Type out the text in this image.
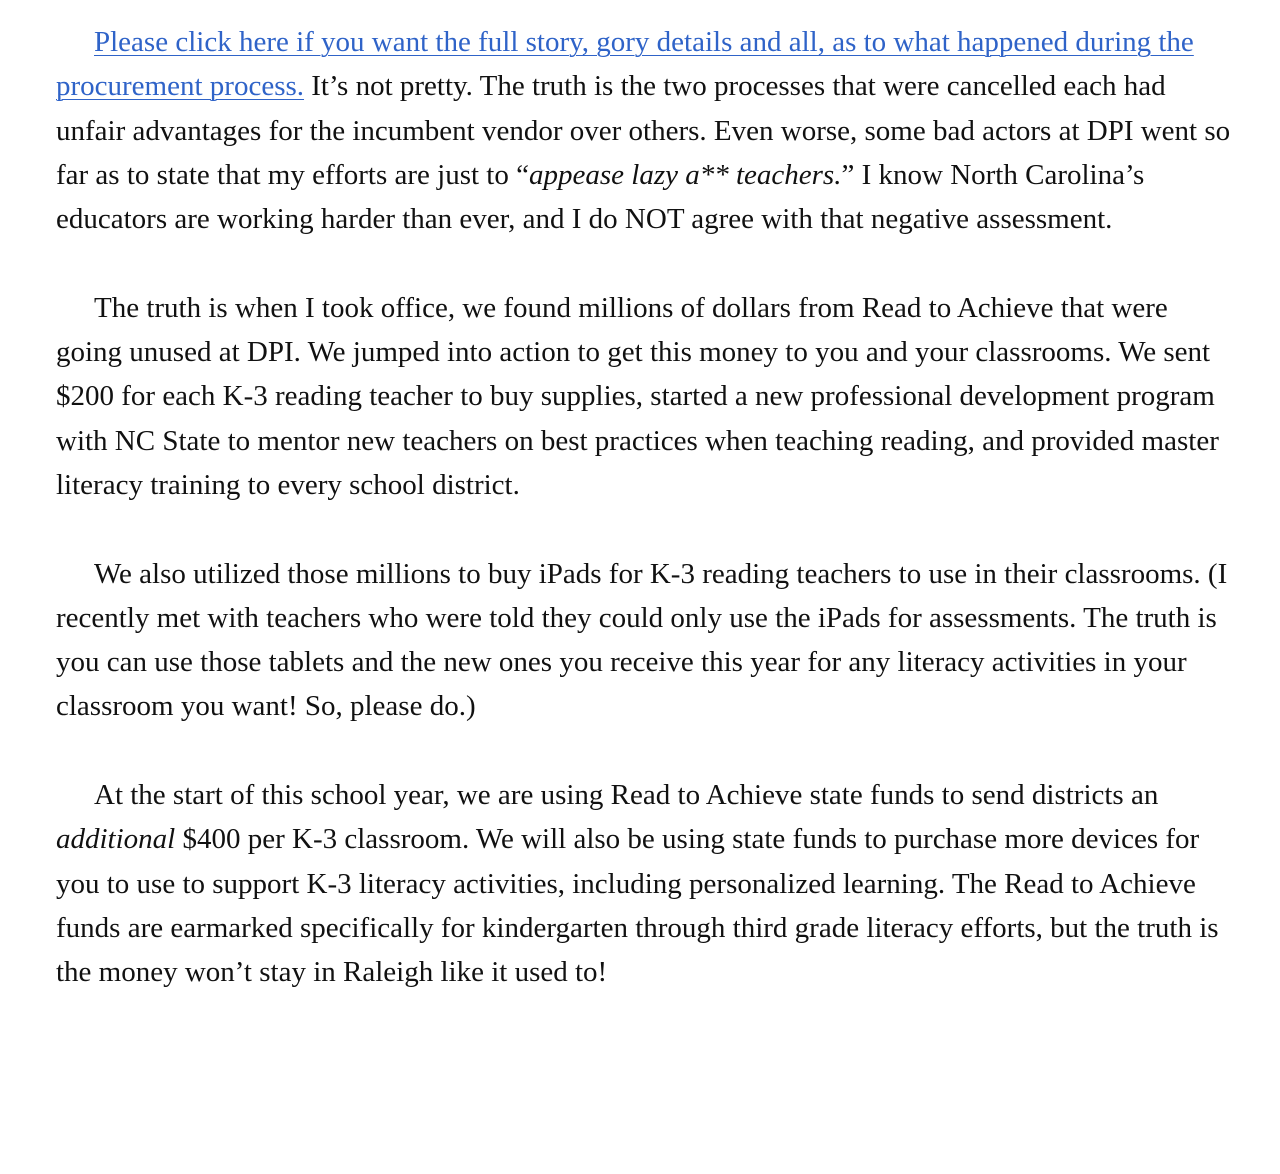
Please click here if you want the full story, gory details and all, as to what happened during the procurement process. It’s not pretty. The truth is the two processes that were cancelled each had unfair advantages for the incumbent vendor over others. Even worse, some bad actors at DPI went so far as to state that my efforts are just to “appease lazy a** teachers.” I know North Carolina’s educators are working harder than ever, and I do NOT agree with that negative assessment.

The truth is when I took office, we found millions of dollars from Read to Achieve that were going unused at DPI. We jumped into action to get this money to you and your classrooms. We sent $200 for each K-3 reading teacher to buy supplies, started a new professional development program with NC State to mentor new teachers on best practices when teaching reading, and provided master literacy training to every school district.

We also utilized those millions to buy iPads for K-3 reading teachers to use in their classrooms. (I recently met with teachers who were told they could only use the iPads for assessments. The truth is you can use those tablets and the new ones you receive this year for any literacy activities in your classroom you want! So, please do.)

At the start of this school year, we are using Read to Achieve state funds to send districts an additional $400 per K-3 classroom. We will also be using state funds to purchase more devices for you to use to support K-3 literacy activities, including personalized learning. The Read to Achieve funds are earmarked specifically for kindergarten through third grade literacy efforts, but the truth is the money won’t stay in Raleigh like it used to!
